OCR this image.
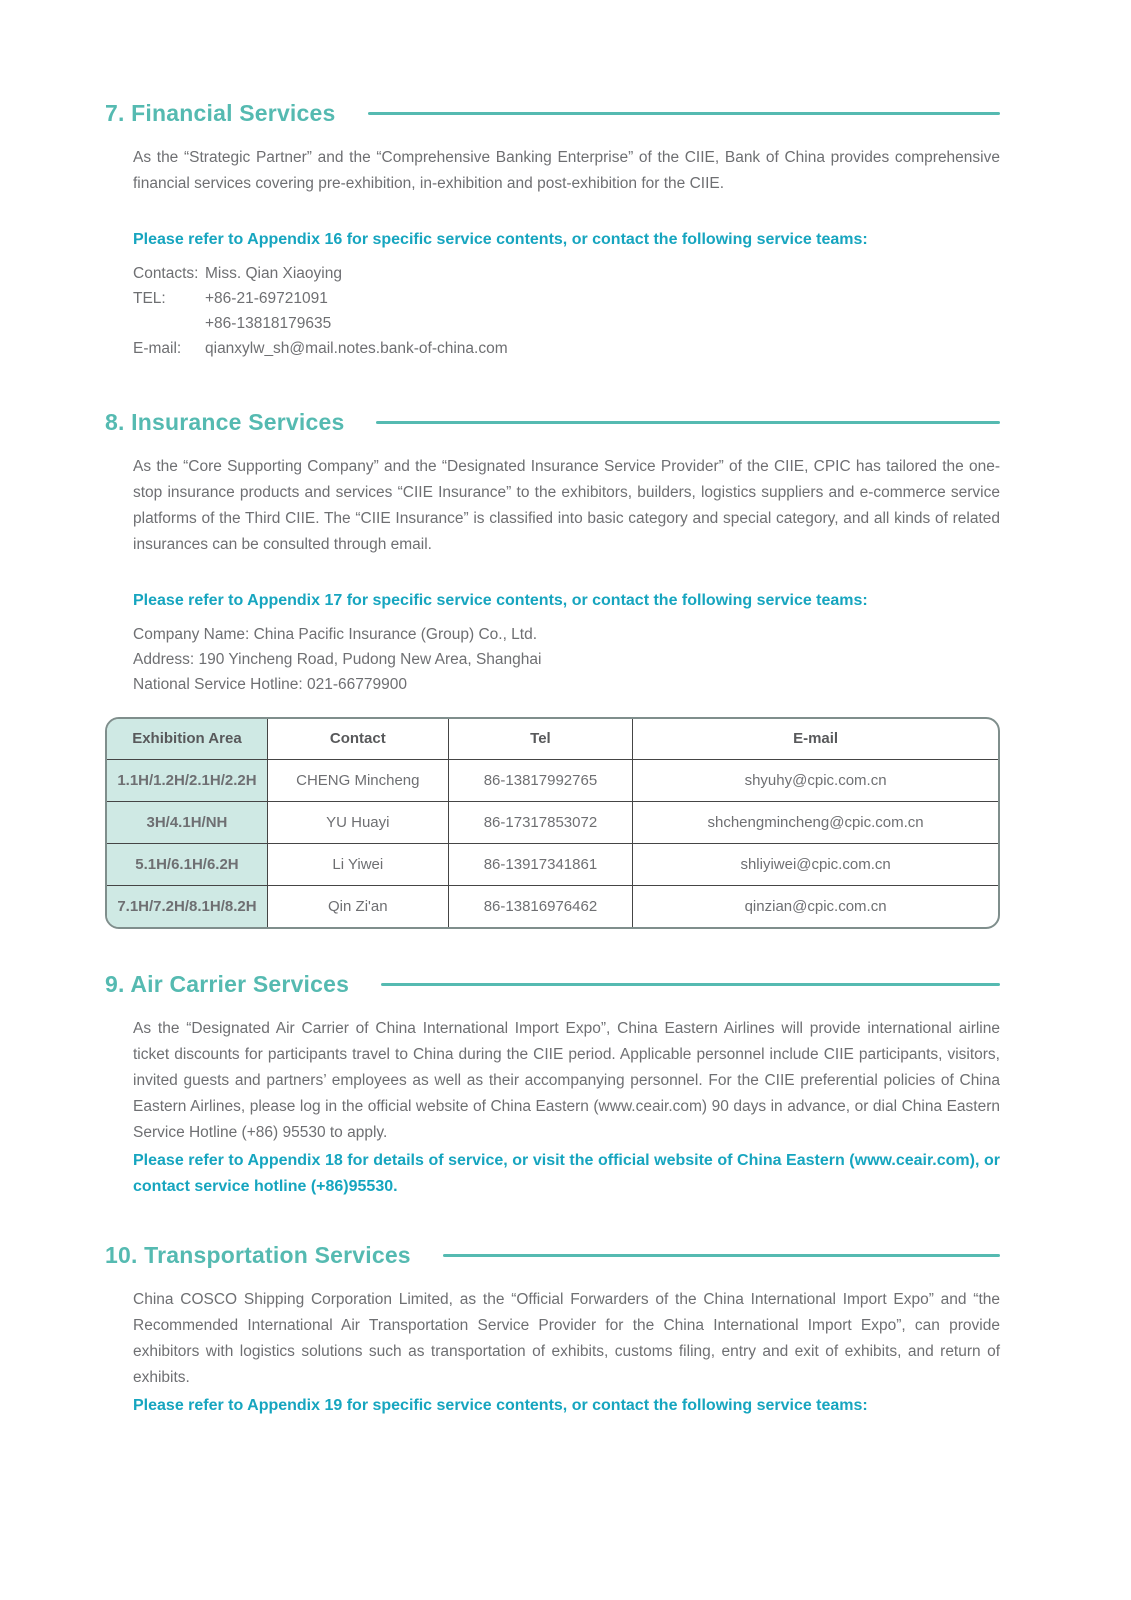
7. Financial Services

As the “Strategic Partner” and the “Comprehensive Banking Enterprise” of the CIIE, Bank of China provides comprehensive financial services covering pre-exhibition, in-exhibition and post-exhibition for the CIIE.

Please refer to Appendix 16 for specific service contents, or contact the following service teams:

Contacts: Miss. Qian Xiaoying
TEL:	+86-21-69721091
+86-13818179635
E-mail:	qianxylw_sh@mail.notes.bank-of-china.com
8. Insurance Services

As the “Core Supporting Company” and the “Designated Insurance Service Provider” of the CIIE, CPIC has tailored the one-stop insurance products and services “CIIE Insurance” to the exhibitors, builders, logistics suppliers and e-commerce service platforms of the Third CIIE. The “CIIE Insurance” is classified into basic category and special category, and all kinds of related insurances can be consulted through email.

Please refer to Appendix 17 for specific service contents, or contact the following service teams:

Company Name: China Pacific Insurance (Group) Co., Ltd.
Address: 190 Yincheng Road, Pudong New Area, Shanghai
National Service Hotline: 021-66779900
Exhibition Area	Contact	Tel	E-mail
1.1H/1.2H/2.1H/2.2H	CHENG Mincheng	86-13817992765	shyuhy@cpic.com.cn
3H/4.1H/NH	YU Huayi	86-17317853072	shchengmincheng@cpic.com.cn
5.1H/6.1H/6.2H	Li Yiwei	86-13917341861	shliyiwei@cpic.com.cn
7.1H/7.2H/8.1H/8.2H	Qin Zi'an	86-13816976462	qinzian@cpic.com.cn
9. Air Carrier Services

As the “Designated Air Carrier of China International Import Expo”, China Eastern Airlines will provide international airline ticket discounts for participants travel to China during the CIIE period. Applicable personnel include CIIE participants, visitors, invited guests and partners’ employees as well as their accompanying personnel. For the CIIE preferential policies of China Eastern Airlines, please log in the official website of China Eastern (www.ceair.com) 90 days in advance, or dial China Eastern Service Hotline (+86) 95530 to apply.

Please refer to Appendix 18 for details of service, or visit the official website of China Eastern (www.ceair.com), or contact service hotline (+86)95530.

10. Transportation Services

China COSCO Shipping Corporation Limited, as the “Official Forwarders of the China International Import Expo” and “the Recommended International Air Transportation Service Provider for the China International Import Expo”, can provide exhibitors with logistics solutions such as transportation of exhibits, customs filing, entry and exit of exhibits, and return of exhibits.

Please refer to Appendix 19 for specific service contents, or contact the following service teams:
